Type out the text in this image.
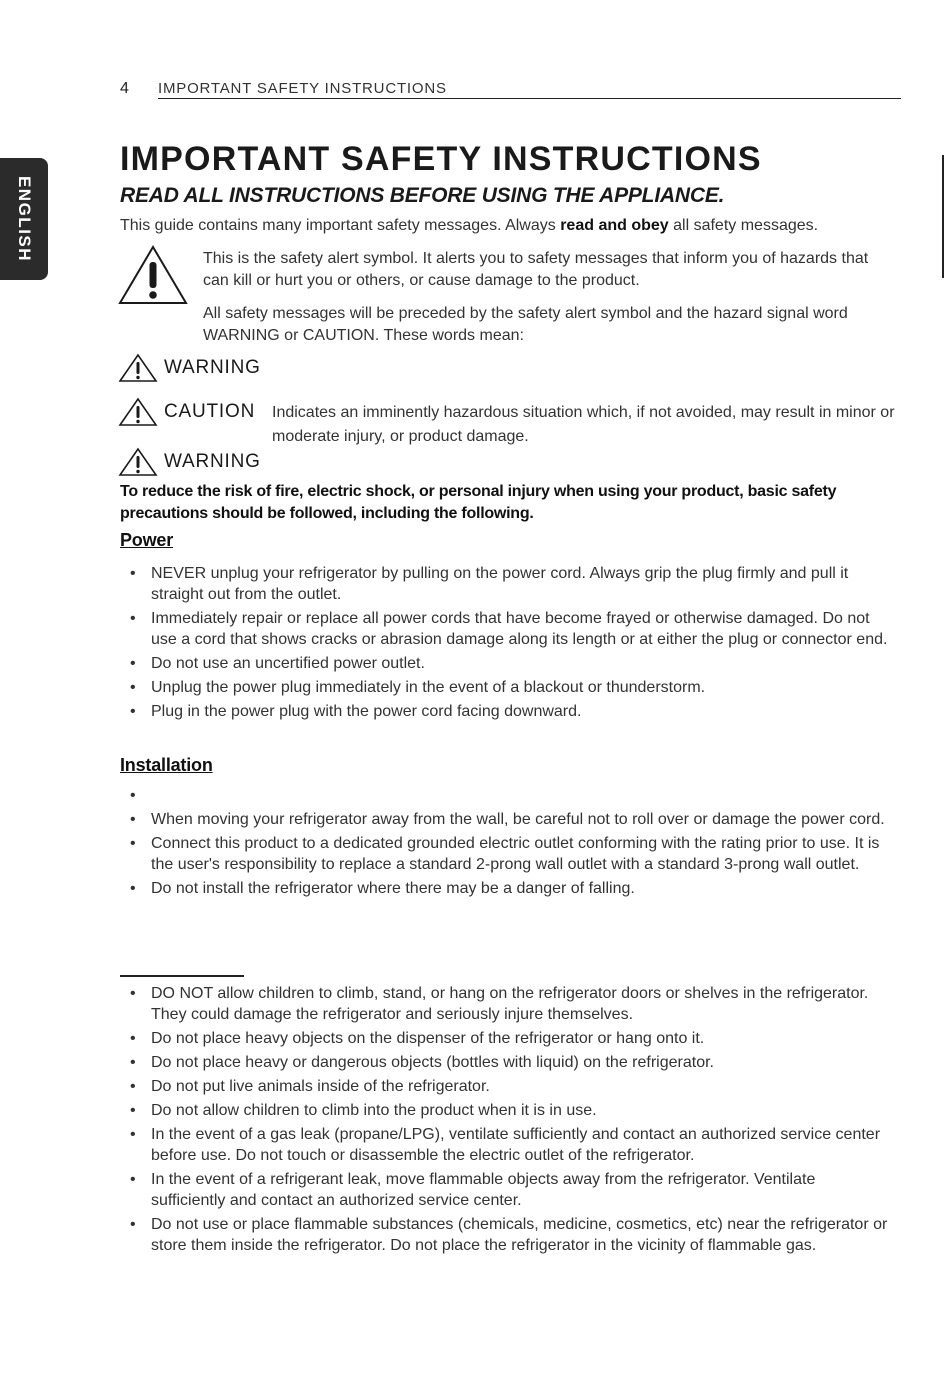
4 IMPORTANT SAFETY INSTRUCTIONS
ENGLISH
IMPORTANT SAFETY INSTRUCTIONS
READ ALL INSTRUCTIONS BEFORE USING THE APPLIANCE.
This guide contains many important safety messages. Always read and obey all safety messages.
This is the safety alert symbol. It alerts you to safety messages that inform you of hazards that can kill or hurt you or others, or cause damage to the product.
All safety messages will be preceded by the safety alert symbol and the hazard signal word WARNING or CAUTION. These words mean:
WARNING
CAUTION Indicates an imminently hazardous situation which, if not avoided, may result in minor or moderate injury, or product damage.
WARNING
To reduce the risk of fire, electric shock, or personal injury when using your product, basic safety precautions should be followed, including the following.
Power
• NEVER unplug your refrigerator by pulling on the power cord. Always grip the plug firmly and pull it straight out from the outlet.
• Immediately repair or replace all power cords that have become frayed or otherwise damaged. Do not use a cord that shows cracks or abrasion damage along its length or at either the plug or connector end.
• Do not use an uncertified power outlet.
• Unplug the power plug immediately in the event of a blackout or thunderstorm.
• Plug in the power plug with the power cord facing downward.
Installation
•
• When moving your refrigerator away from the wall, be careful not to roll over or damage the power cord.
• Connect this product to a dedicated grounded electric outlet conforming with the rating prior to use. It is the user's responsibility to replace a standard 2-prong wall outlet with a standard 3-prong wall outlet.
• Do not install the refrigerator where there may be a danger of falling.
• DO NOT allow children to climb, stand, or hang on the refrigerator doors or shelves in the refrigerator. They could damage the refrigerator and seriously injure themselves.
• Do not place heavy objects on the dispenser of the refrigerator or hang onto it.
• Do not place heavy or dangerous objects (bottles with liquid) on the refrigerator.
• Do not put live animals inside of the refrigerator.
• Do not allow children to climb into the product when it is in use.
• In the event of a gas leak (propane/LPG), ventilate sufficiently and contact an authorized service center before use. Do not touch or disassemble the electric outlet of the refrigerator.
• In the event of a refrigerant leak, move flammable objects away from the refrigerator. Ventilate sufficiently and contact an authorized service center.
• Do not use or place flammable substances (chemicals, medicine, cosmetics, etc) near the refrigerator or store them inside the refrigerator. Do not place the refrigerator in the vicinity of flammable gas.
